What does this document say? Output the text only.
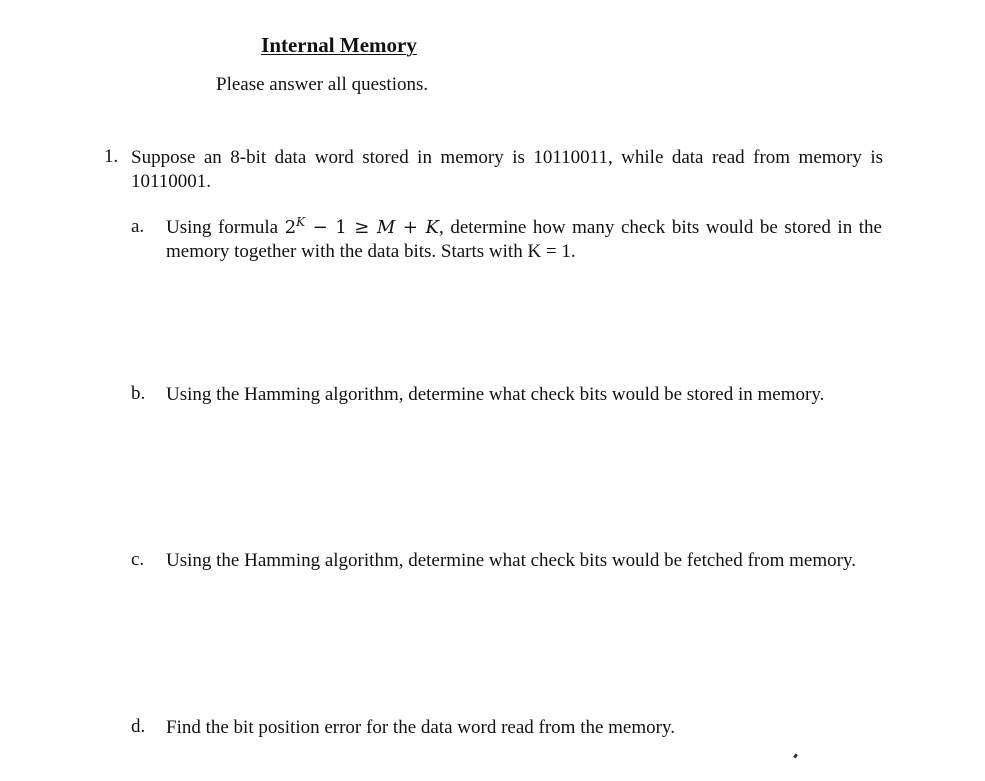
Internal Memory
Please answer all questions.
1. Suppose an 8-bit data word stored in memory is 10110011, while data read from memory is 10110001.
a. Using formula $2^K - 1 \ge M + K$, determine how many check bits would be stored in the memory together with the data bits. Starts with K = 1.
b. Using the Hamming algorithm, determine what check bits would be stored in memory.
c. Using the Hamming algorithm, determine what check bits would be fetched from memory.
d. Find the bit position error for the data word read from the memory.
